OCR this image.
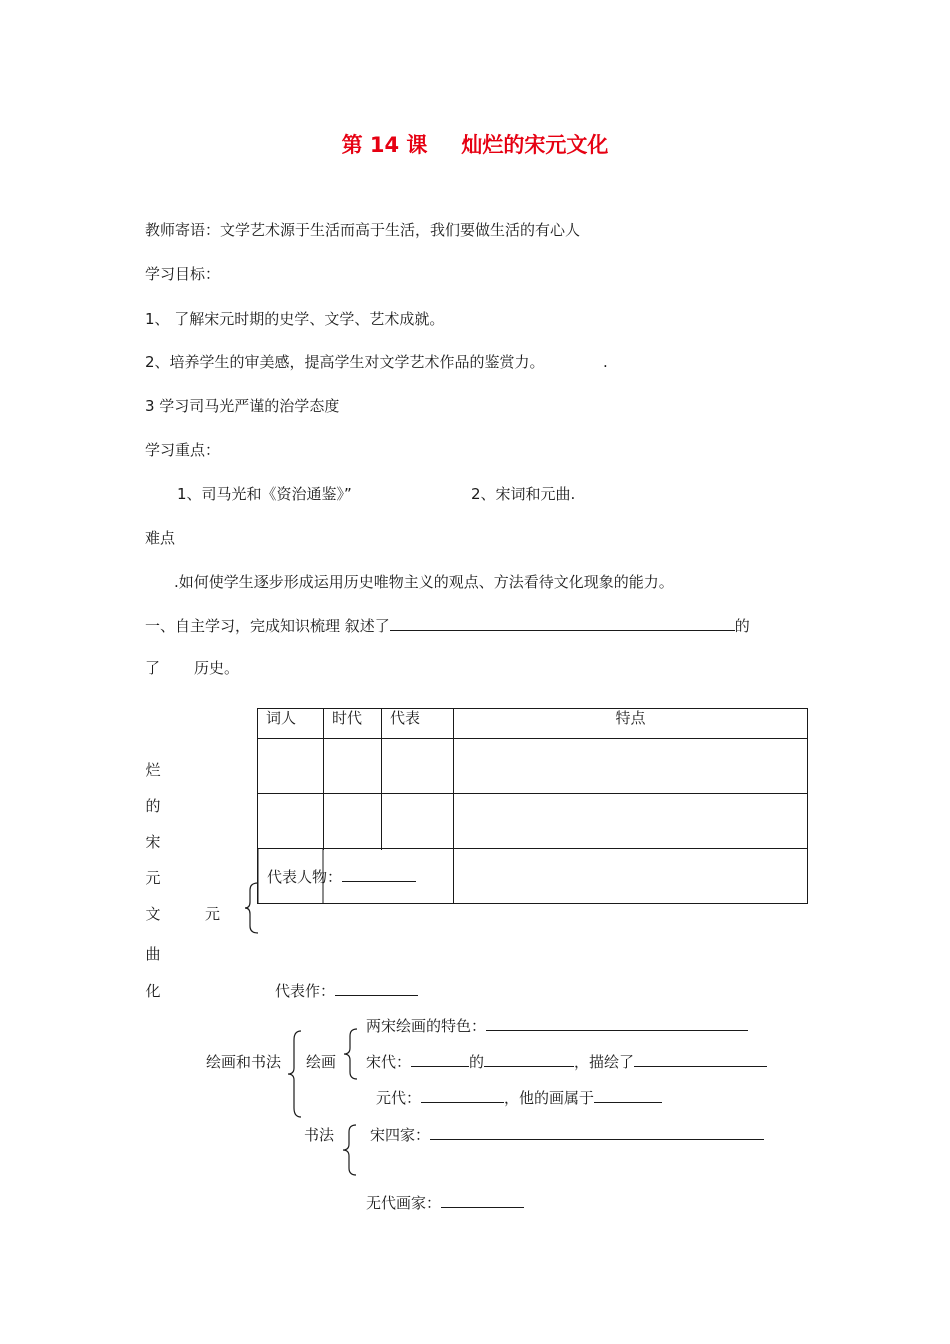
第 14 课 灿烂的宋元文化
教师寄语：文学艺术源于生活而高于生活，我们要做生活的有心人
学习目标：
1、 了解宋元时期的史学、文学、艺术成就。
2、培养学生的审美感，提高学生对文学艺术作品的鉴赏力。	.
3 学习司马光严谨的治学态度
学习重点：
1、司马光和《资治通鉴》”	2、宋词和元曲.
难点
.如何使学生逐步形成运用历史唯物主义的观点、方法看待文化现象的能力。
一、自主学习，完成知识梳理 叙述了	的
了 历史。
词人	时代	代表	特点

代表人物：
烂
的
宋
元
文
曲
化
元
代表作：
绘画和书法 绘画
两宋绘画的特色：
宋代：	的	，描绘了
元代：	，他的画属于
书法 宋四家：
无代画家：
